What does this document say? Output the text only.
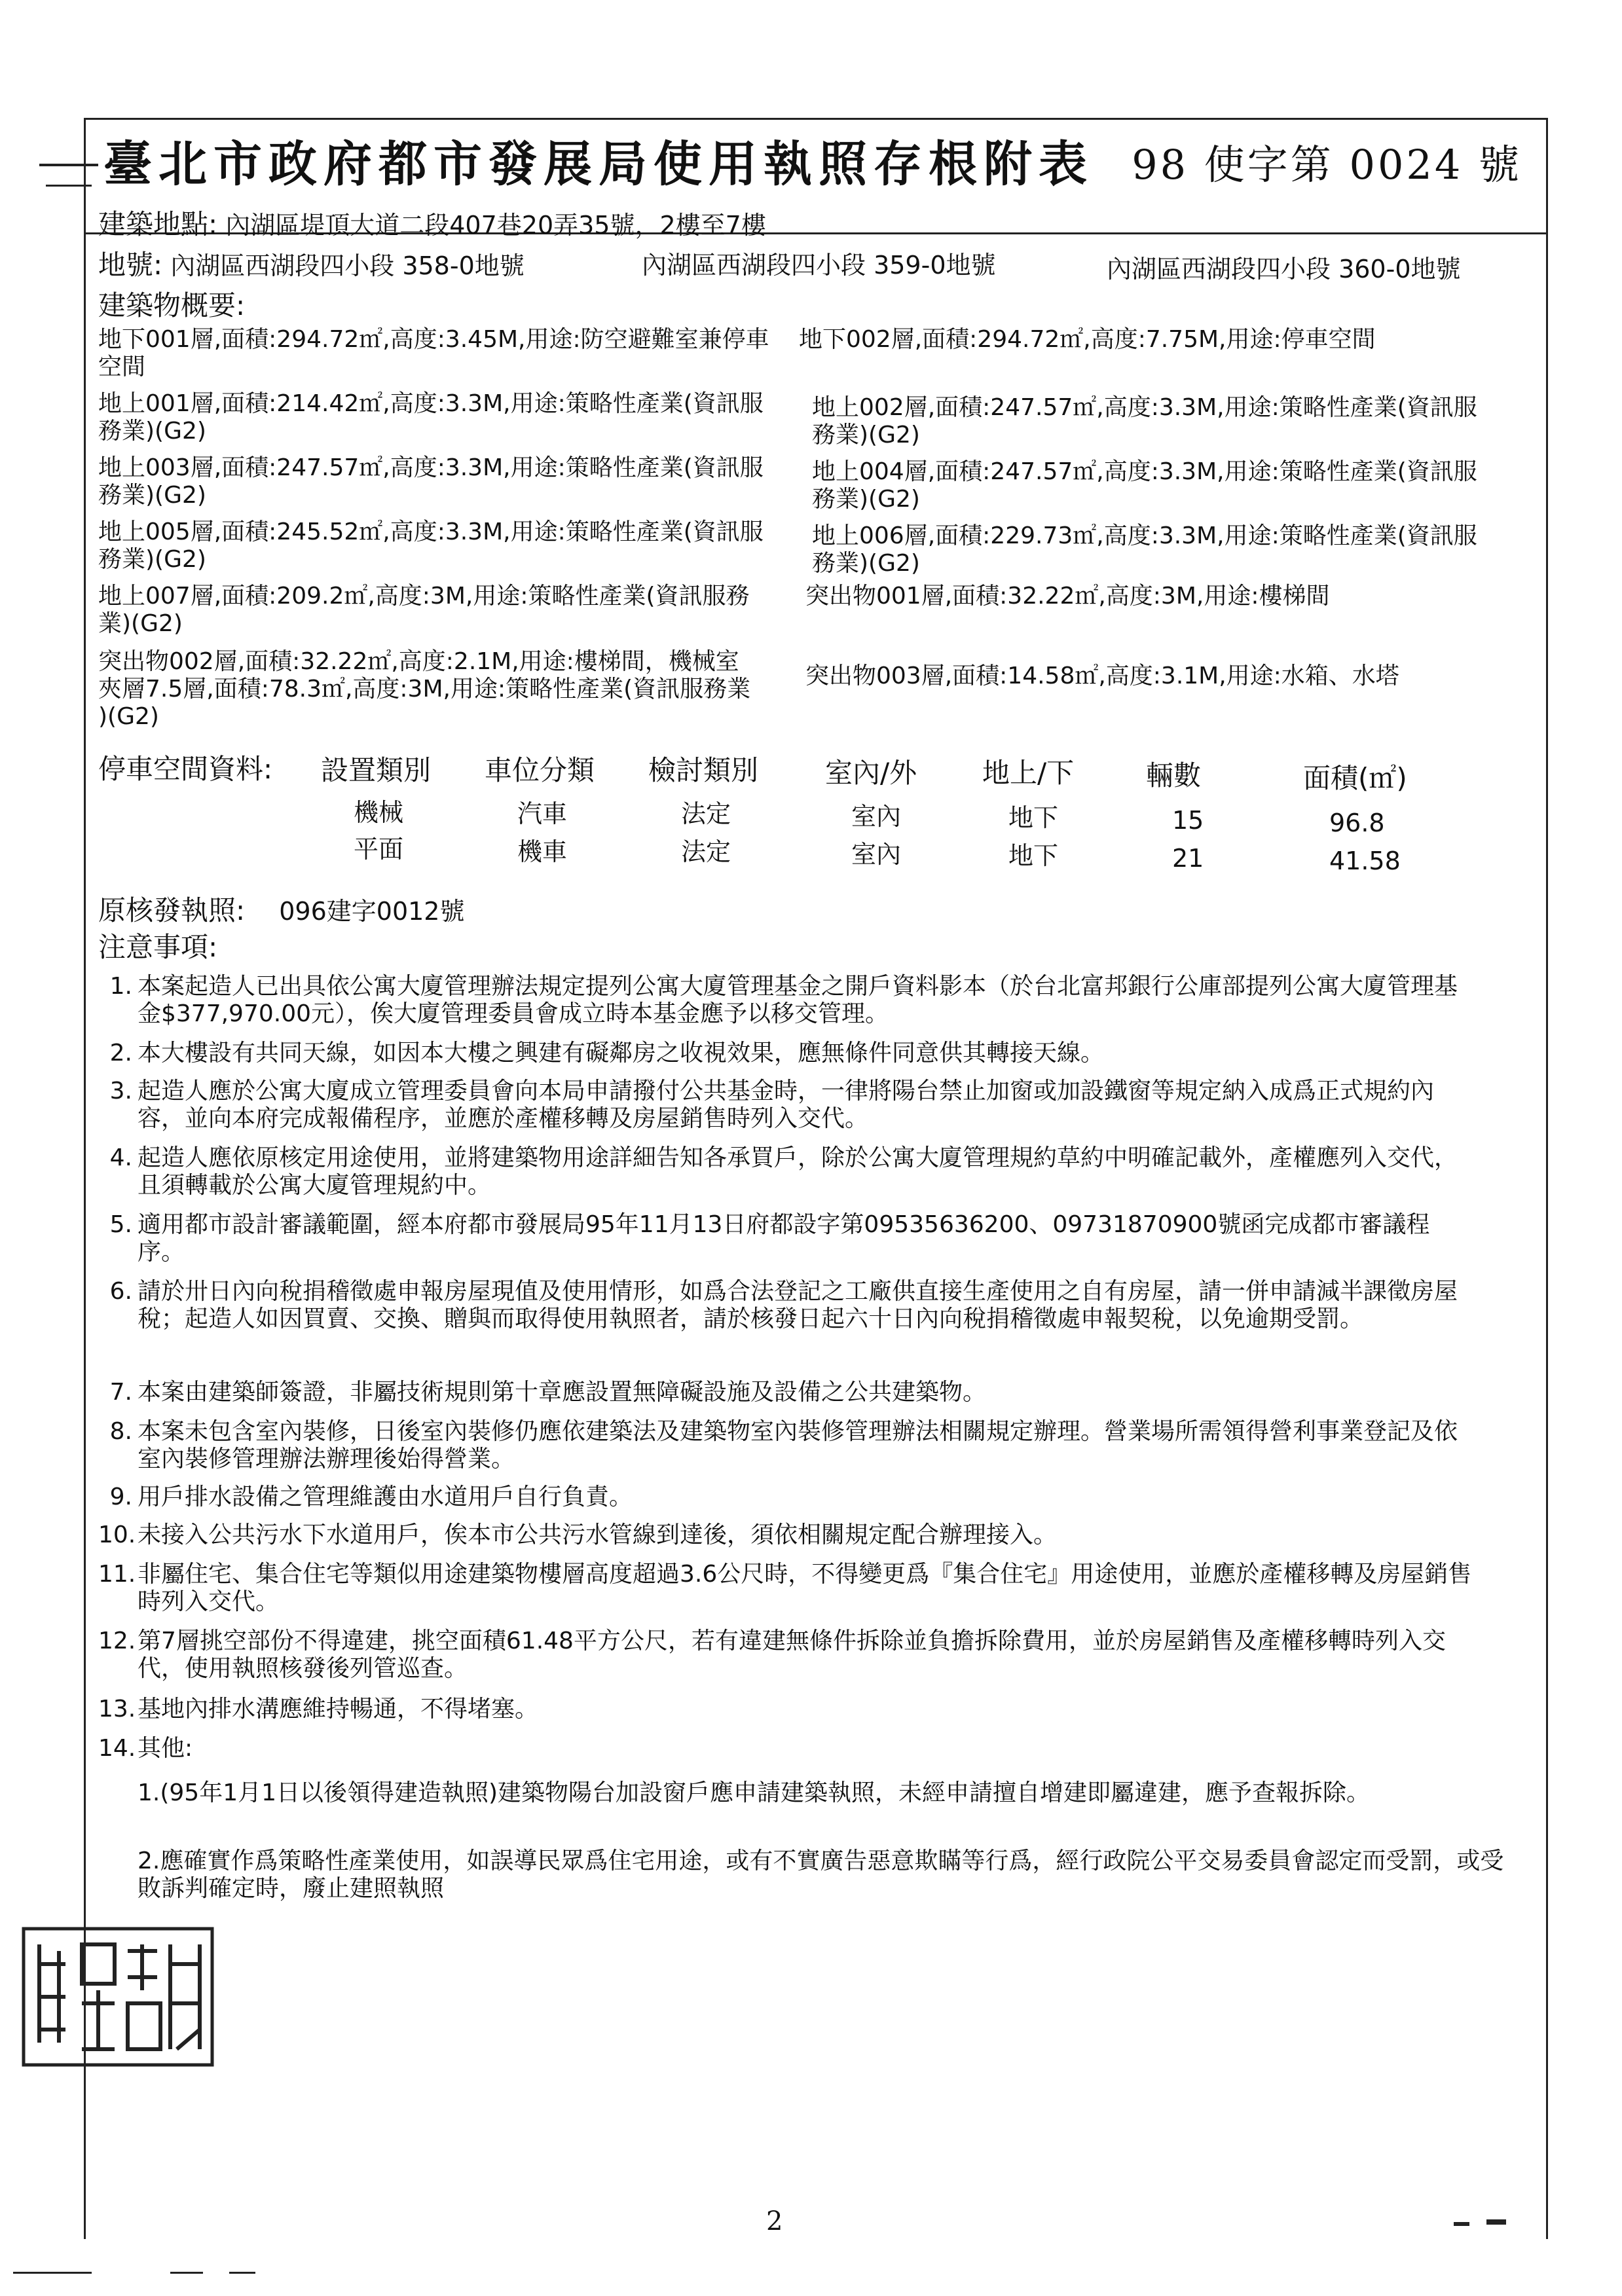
臺北市政府都市發展局使用執照存根附表 98 使字第 0024 號
建築地點: 內湖區堤頂大道二段407巷20弄35號，2樓至7樓
地號: 內湖區西湖段四小段 358-0地號	內湖區西湖段四小段 359-0地號	內湖區西湖段四小段 360-0地號
建築物概要:
地下001層,面積:294.72㎡,高度:3.45M,用途:防空避難室兼停車
空間
地下002層,面積:294.72㎡,高度:7.75M,用途:停車空間
地上001層,面積:214.42㎡,高度:3.3M,用途:策略性產業(資訊服
務業)(G2)
地上002層,面積:247.57㎡,高度:3.3M,用途:策略性產業(資訊服
務業)(G2)
地上003層,面積:247.57㎡,高度:3.3M,用途:策略性產業(資訊服
務業)(G2)
地上004層,面積:247.57㎡,高度:3.3M,用途:策略性產業(資訊服
務業)(G2)
地上005層,面積:245.52㎡,高度:3.3M,用途:策略性產業(資訊服
務業)(G2)
地上006層,面積:229.73㎡,高度:3.3M,用途:策略性產業(資訊服
務業)(G2)
地上007層,面積:209.2㎡,高度:3M,用途:策略性產業(資訊服務
業)(G2)
突出物001層,面積:32.22㎡,高度:3M,用途:樓梯間
突出物002層,面積:32.22㎡,高度:2.1M,用途:樓梯間，機械室
夾層7.5層,面積:78.3㎡,高度:3M,用途:策略性產業(資訊服務業
)(G2)
突出物003層,面積:14.58㎡,高度:3.1M,用途:水箱、水塔
停車空間資料: 設置類別 車位分類 檢討類別 室內/外 地上/下	輛數	面積(㎡)
機械	汽車	法定	室內	地下	15	96.8
平面	機車	法定	室內	地下	21	41.58
原核發執照: 096建字0012號
注意事項:
1. 本案起造人已出具依公寓大廈管理辦法規定提列公寓大廈管理基金之開戶資料影本（於台北富邦銀行公庫部提列公寓大廈管理基金$377,970.00元），俟大廈管理委員會成立時本基金應予以移交管理。
2. 本大樓設有共同天線，如因本大樓之興建有礙鄰房之收視效果，應無條件同意供其轉接天線。
3. 起造人應於公寓大廈成立管理委員會向本局申請撥付公共基金時，一律將陽台禁止加窗或加設鐵窗等規定納入成爲正式規約內容，並向本府完成報備程序，並應於產權移轉及房屋銷售時列入交代。
4. 起造人應依原核定用途使用，並將建築物用途詳細告知各承買戶，除於公寓大廈管理規約草約中明確記載外，產權應列入交代，且須轉載於公寓大廈管理規約中。
5. 適用都市設計審議範圍，經本府都市發展局95年11月13日府都設字第09535636200、09731870900號函完成都市審議程序。
6. 請於卅日內向稅捐稽徵處申報房屋現值及使用情形，如爲合法登記之工廠供直接生產使用之自有房屋，請一併申請減半課徵房屋稅；起造人如因買賣、交換、贈與而取得使用執照者，請於核發日起六十日內向稅捐稽徵處申報契稅，以免逾期受罰。
7. 本案由建築師簽證，非屬技術規則第十章應設置無障礙設施及設備之公共建築物。
8. 本案未包含室內裝修，日後室內裝修仍應依建築法及建築物室內裝修管理辦法相關規定辦理。營業場所需領得營利事業登記及依室內裝修管理辦法辦理後始得營業。
9. 用戶排水設備之管理維護由水道用戶自行負責。
10.未接入公共污水下水道用戶，俟本市公共污水管線到達後，須依相關規定配合辦理接入。
11.非屬住宅、集合住宅等類似用途建築物樓層高度超過3.6公尺時，不得變更爲『集合住宅』用途使用，並應於產權移轉及房屋銷售時列入交代。
12.第7層挑空部份不得違建，挑空面積61.48平方公尺，若有違建無條件拆除並負擔拆除費用，並於房屋銷售及產權移轉時列入交代，使用執照核發後列管巡查。
13.基地內排水溝應維持暢通，不得堵塞。
14.其他:
1.(95年1月1日以後領得建造執照)建築物陽台加設窗戶應申請建築執照，未經申請擅自增建即屬違建，應予查報拆除。
2.應確實作爲策略性產業使用，如誤導民眾爲住宅用途，或有不實廣告惡意欺瞞等行爲，經行政院公平交易委員會認定而受罰，或受敗訴判確定時，廢止建照執照
2
